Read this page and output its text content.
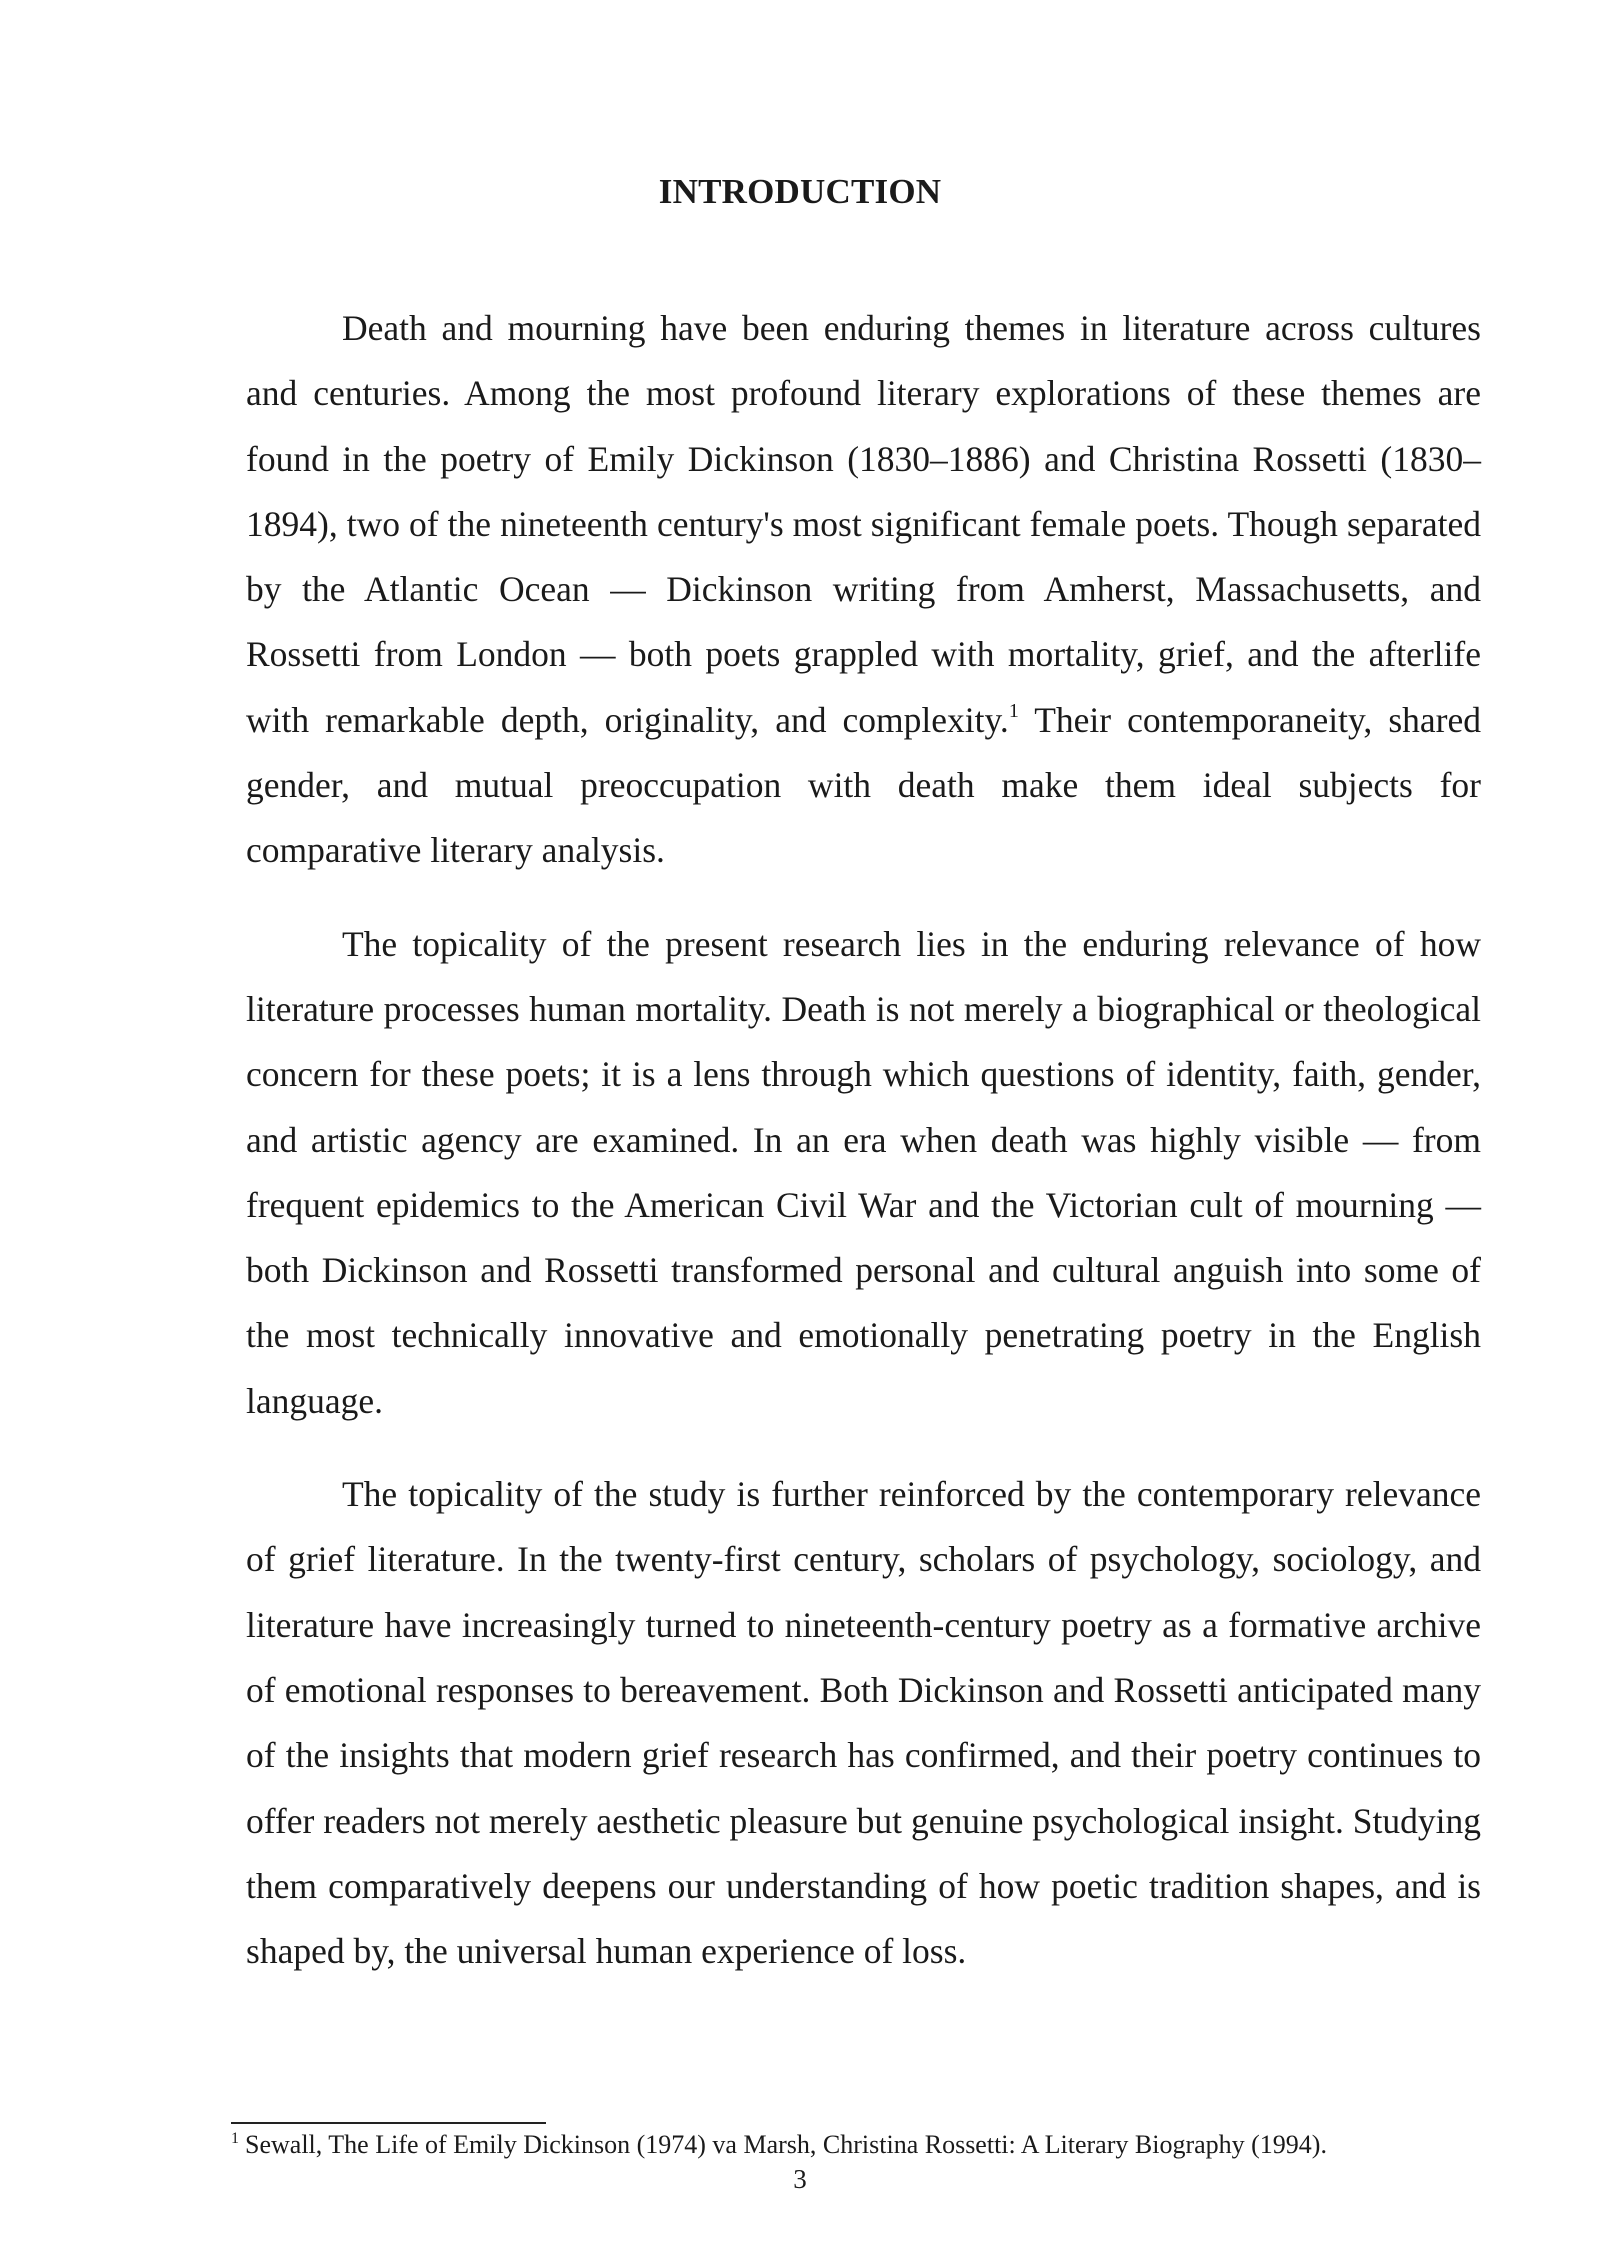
INTRODUCTION

Death and mourning have been enduring themes in literature across cultures and centuries. Among the most profound literary explorations of these themes are found in the poetry of Emily Dickinson (1830–1886) and Christina Rossetti (1830–1894), two of the nineteenth century's most significant female poets. Though separated by the Atlantic Ocean — Dickinson writing from Amherst, Massachusetts, and Rossetti from London — both poets grappled with mortality, grief, and the afterlife with remarkable depth, originality, and complexity.$^1$ Their contemporaneity, shared gender, and mutual preoccupation with death make them ideal subjects for comparative literary analysis.

The topicality of the present research lies in the enduring relevance of how literature processes human mortality. Death is not merely a biographical or theological concern for these poets; it is a lens through which questions of identity, faith, gender, and artistic agency are examined. In an era when death was highly visible — from frequent epidemics to the American Civil War and the Victorian cult of mourning — both Dickinson and Rossetti transformed personal and cultural anguish into some of the most technically innovative and emotionally penetrating poetry in the English language.

The topicality of the study is further reinforced by the contemporary relevance of grief literature. In the twenty-first century, scholars of psychology, sociology, and literature have increasingly turned to nineteenth-century poetry as a formative archive of emotional responses to bereavement. Both Dickinson and Rossetti anticipated many of the insights that modern grief research has confirmed, and their poetry continues to offer readers not merely aesthetic pleasure but genuine psychological insight. Studying them comparatively deepens our understanding of how poetic tradition shapes, and is shaped by, the universal human experience of loss.

$^1$ Sewall, The Life of Emily Dickinson (1974) va Marsh, Christina Rossetti: A Literary Biography (1994).
3
